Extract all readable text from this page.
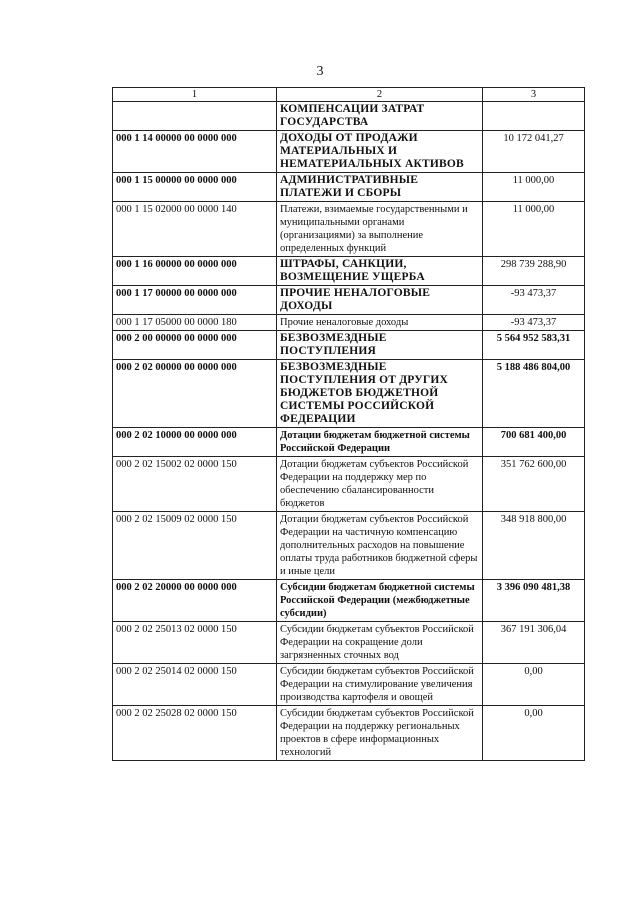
3
1	2	3
	КОМПЕНСАЦИИ ЗАТРАТ ГОСУДАРСТВА	
000 1 14 00000 00 0000 000	ДОХОДЫ ОТ ПРОДАЖИ МАТЕРИАЛЬНЫХ И НЕМАТЕРИАЛЬНЫХ АКТИВОВ	10 172 041,27
000 1 15 00000 00 0000 000	АДМИНИСТРАТИВНЫЕ ПЛАТЕЖИ И СБОРЫ	11 000,00
000 1 15 02000 00 0000 140	Платежи, взимаемые государственными и муниципальными органами (организациями) за выполнение определенных функций	11 000,00
000 1 16 00000 00 0000 000	ШТРАФЫ, САНКЦИИ, ВОЗМЕЩЕНИЕ УЩЕРБА	298 739 288,90
000 1 17 00000 00 0000 000	ПРОЧИЕ НЕНАЛОГОВЫЕ ДОХОДЫ	-93 473,37
000 1 17 05000 00 0000 180	Прочие неналоговые доходы	-93 473,37
000 2 00 00000 00 0000 000	БЕЗВОЗМЕЗДНЫЕ ПОСТУПЛЕНИЯ	5 564 952 583,31
000 2 02 00000 00 0000 000	БЕЗВОЗМЕЗДНЫЕ ПОСТУПЛЕНИЯ ОТ ДРУГИХ БЮДЖЕТОВ БЮДЖЕТНОЙ СИСТЕМЫ РОССИЙСКОЙ ФЕДЕРАЦИИ	5 188 486 804,00
000 2 02 10000 00 0000 000	Дотации бюджетам бюджетной системы Российской Федерации	700 681 400,00
000 2 02 15002 02 0000 150	Дотации бюджетам субъектов Российской Федерации на поддержку мер по обеспечению сбалансированности бюджетов	351 762 600,00
000 2 02 15009 02 0000 150	Дотации бюджетам субъектов Российской Федерации на частичную компенсацию дополнительных расходов на повышение оплаты труда работников бюджетной сферы и иные цели	348 918 800,00
000 2 02 20000 00 0000 000	Субсидии бюджетам бюджетной системы Российской Федерации (межбюджетные субсидии)	3 396 090 481,38
000 2 02 25013 02 0000 150	Субсидии бюджетам субъектов Российской Федерации на сокращение доли загрязненных сточных вод	367 191 306,04
000 2 02 25014 02 0000 150	Субсидии бюджетам субъектов Российской Федерации на стимулирование увеличения производства картофеля и овощей	0,00
000 2 02 25028 02 0000 150	Субсидии бюджетам субъектов Российской Федерации на поддержку региональных проектов в сфере информационных технологий	0,00
